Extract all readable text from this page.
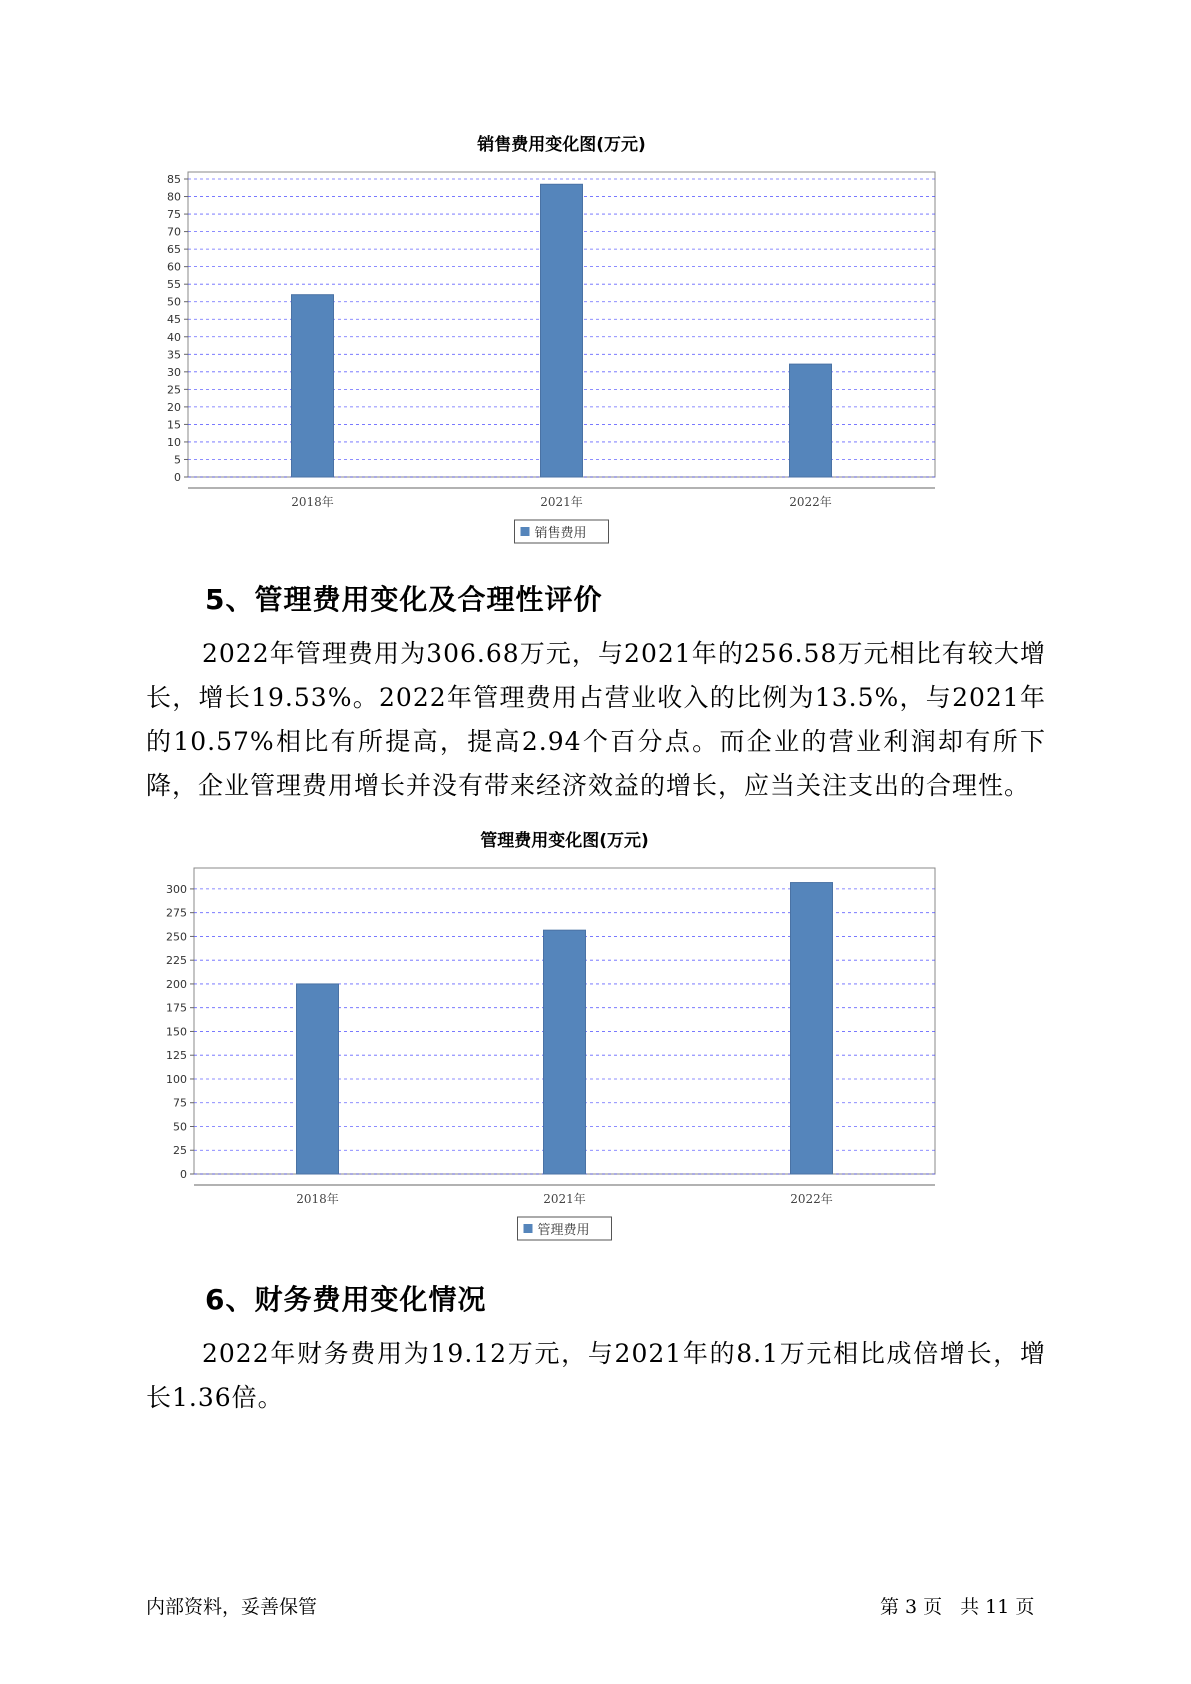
销售费用变化图(万元)
0
5
10
15
20
25
30
35
40
45
50
55
60
65
70
75
80
85
2018年	2021年	2022年
销售费用
5、管理费用变化及合理性评价

2022年管理费用为306.68万元，与2021年的256.58万元相比有较大增长，增长19.53%。2022年管理费用占营业收入的比例为13.5%，与2021年的10.57%相比有所提高，提高2.94个百分点。而企业的营业利润却有所下降，企业管理费用增长并没有带来经济效益的增长，应当关注支出的合理性。

管理费用变化图(万元)
0
25
50
75
100
125
150
175
200
225
250
275
300
2018年	2021年	2022年
管理费用
6、财务费用变化情况

2022年财务费用为19.12万元，与2021年的8.1万元相比成倍增长，增长1.36倍。

内部资料，妥善保管	第 3 页 共 11 页
